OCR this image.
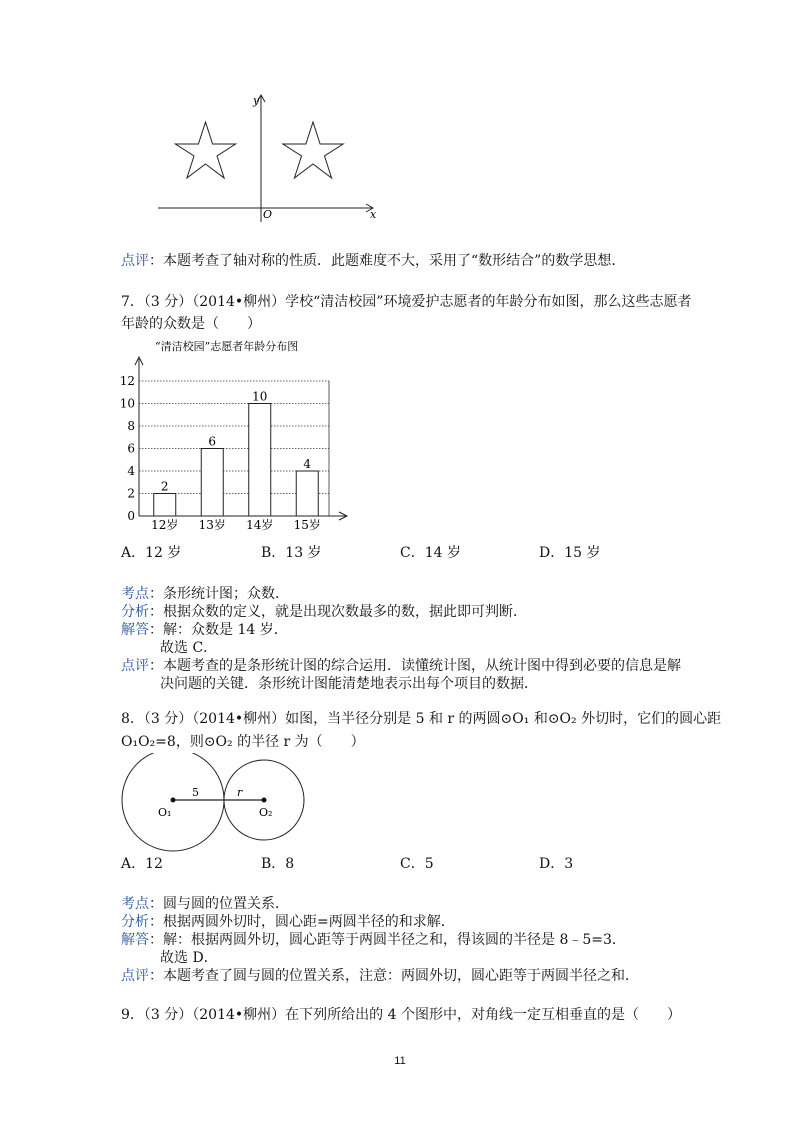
y
x
O
点评：本题考查了轴对称的性质．此题难度不大，采用了“数形结合”的数学思想．
7．（3 分）（2014•柳州）学校“清洁校园”环境爱护志愿者的年龄分布如图，那么这些志愿者
年龄的众数是（　　）
“清洁校园”志愿者年龄分布图
0
2
4
6
8
10
12
2
6
10
4
12岁 13岁 14岁 15岁
A．12 岁	B．13 岁	C．14 岁	D．15 岁
考点：条形统计图；众数．
分析：根据众数的定义，就是出现次数最多的数，据此即可判断．
解答：解：众数是 14 岁．
故选 C．
点评：本题考查的是条形统计图的综合运用．读懂统计图，从统计图中得到必要的信息是解
决问题的关键．条形统计图能清楚地表示出每个项目的数据．
8．（3 分）（2014•柳州）如图，当半径分别是 5 和 r 的两圆⊙O₁ 和⊙O₂ 外切时，它们的圆心距
O₁O₂=8，则⊙O₂ 的半径 r 为（　　）
5	r
O₁	O₂
A．12	B．8	C．5	D．3
考点：圆与圆的位置关系．
分析：根据两圆外切时，圆心距=两圆半径的和求解．
解答：解：根据两圆外切，圆心距等于两圆半径之和，得该圆的半径是 8﹣5=3．
故选 D．
点评：本题考查了圆与圆的位置关系，注意：两圆外切，圆心距等于两圆半径之和．
9．（3 分）（2014•柳州）在下列所给出的 4 个图形中，对角线一定互相垂直的是（　　）
11
